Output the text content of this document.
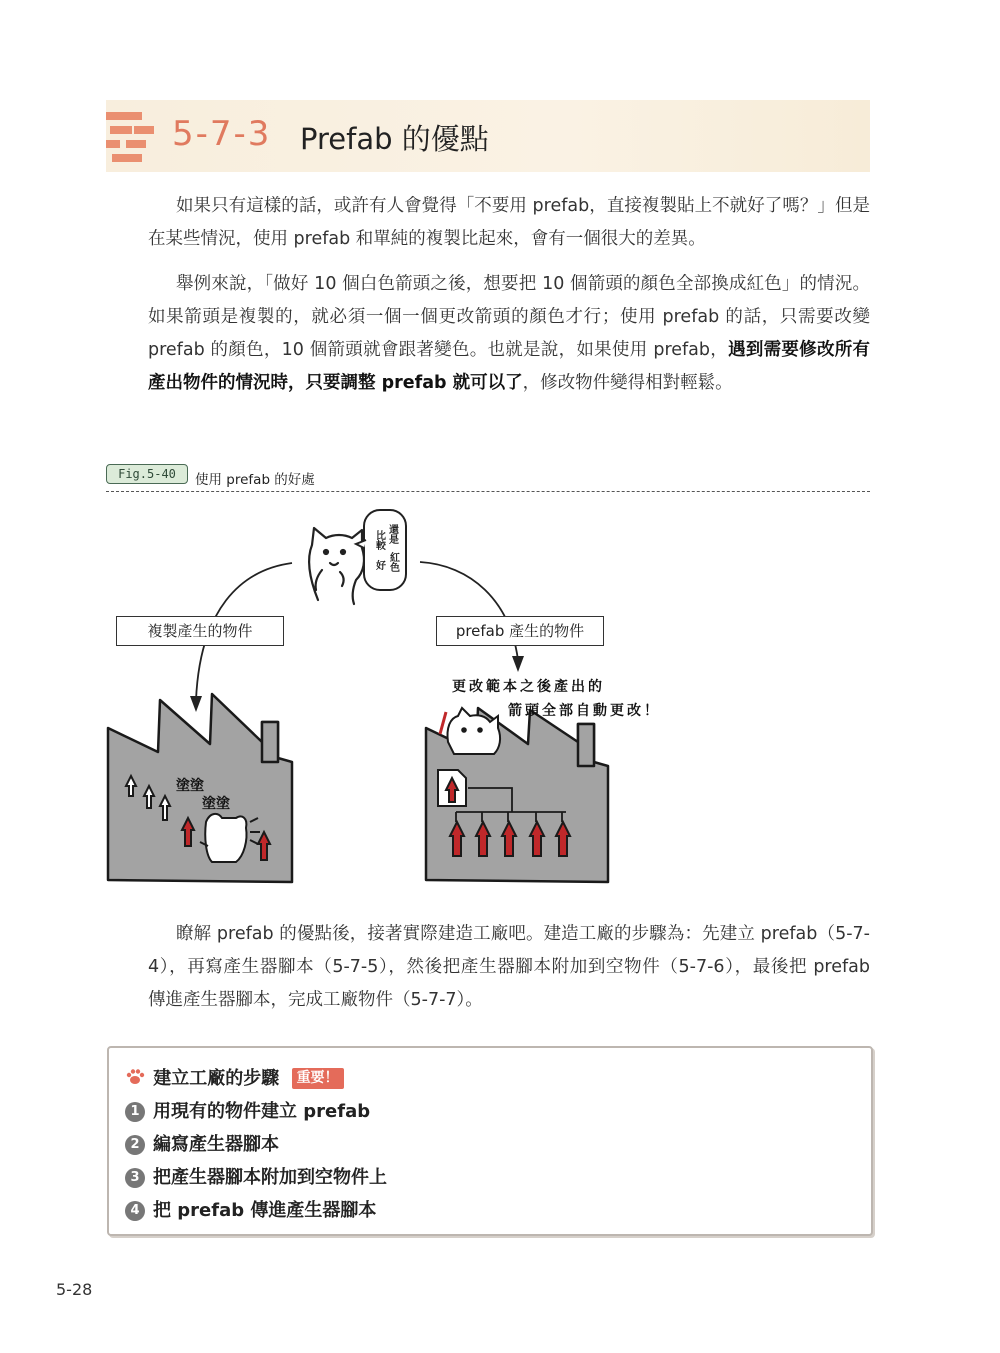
5-7-3 Prefab 的優點

如果只有這樣的話，或許有人會覺得「不要用 prefab，直接複製貼上不就好了嗎？」但是在某些情況，使用 prefab 和單純的複製比起來，會有一個很大的差異。

舉例來說，「做好 10 個白色箭頭之後，想要把 10 個箭頭的顏色全部換成紅色」的情況。如果箭頭是複製的，就必須一個一個更改箭頭的顏色才行；使用 prefab 的話，只需要改變 prefab 的顏色，10 個箭頭就會跟著變色。也就是說，如果使用 prefab，遇到需要修改所有產出物件的情況時，只要調整 prefab 就可以了，修改物件變得相對輕鬆。

Fig.5-40	使用 prefab 的好處
還是
比較
好 紅色
塗塗
塗塗
複製產生的物件	prefab 產生的物件
更改範本之後產出的
箭頭全部自動更改！

瞭解 prefab 的優點後，接著實際建造工廠吧。建造工廠的步驟為：先建立 prefab（5-7-4），再寫產生器腳本（5-7-5），然後把產生器腳本附加到空物件（5-7-6），最後把 prefab 傳進產生器腳本，完成工廠物件（5-7-7）。

建立工廠的步驟 重要！
1 用現有的物件建立 prefab
2 編寫產生器腳本
3 把產生器腳本附加到空物件上
4 把 prefab 傳進產生器腳本
5-28
